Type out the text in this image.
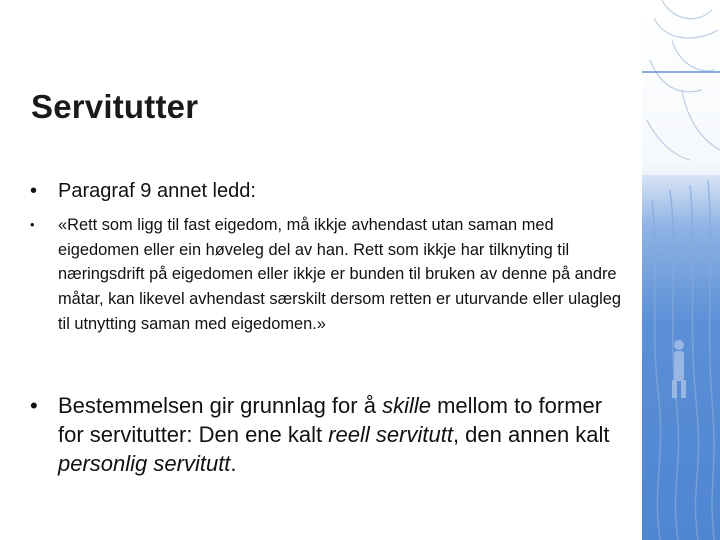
Servitutter
•	Paragraf 9 annet ledd:
•	«Rett som ligg til fast eigedom, må ikkje avhendast utan saman med eigedomen eller ein høveleg del av han. Rett som ikkje har tilknyting til næringsdrift på eigedomen eller ikkje er bunden til bruken av denne på andre måtar, kan likevel avhendast særskilt dersom retten er uturvande eller ulagleg til utnytting saman med eigedomen.»
• Bestemmelsen gir grunnlag for å skille mellom to former for servitutter: Den ene kalt reell servitutt, den annen kalt personlig servitutt.
